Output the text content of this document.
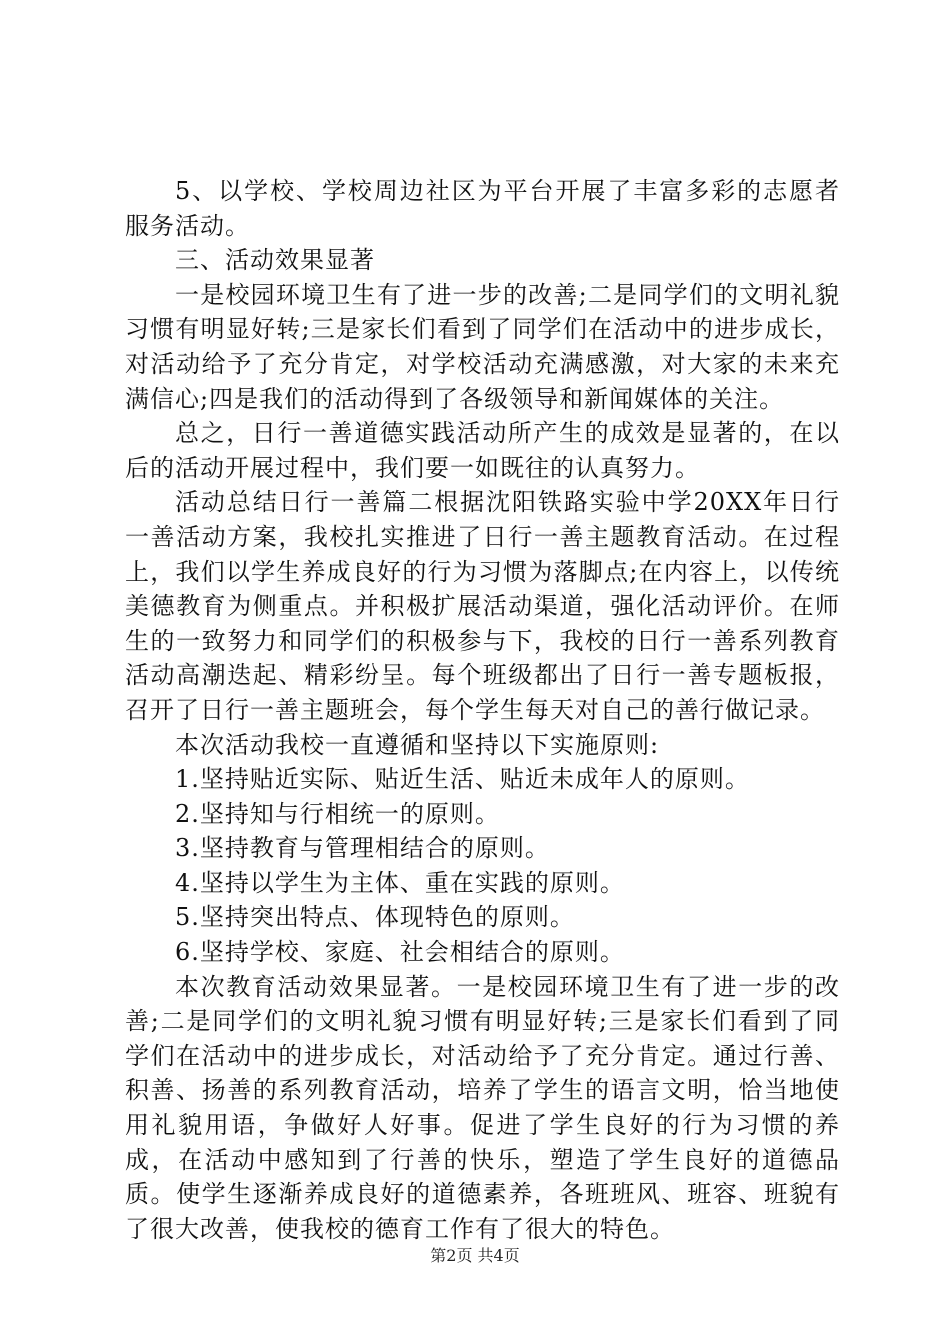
5、以学校、学校周边社区为平台开展了丰富多彩的志愿者服务活动。

三、活动效果显著

一是校园环境卫生有了进一步的改善;二是同学们的文明礼貌习惯有明显好转;三是家长们看到了同学们在活动中的进步成长，对活动给予了充分肯定，对学校活动充满感激，对大家的未来充满信心;四是我们的活动得到了各级领导和新闻媒体的关注。

总之，日行一善道德实践活动所产生的成效是显著的，在以后的活动开展过程中，我们要一如既往的认真努力。

活动总结日行一善篇二根据沈阳铁路实验中学20XX年日行一善活动方案，我校扎实推进了日行一善主题教育活动。在过程上，我们以学生养成良好的行为习惯为落脚点;在内容上，以传统美德教育为侧重点。并积极扩展活动渠道，强化活动评价。在师生的一致努力和同学们的积极参与下，我校的日行一善系列教育活动高潮迭起、精彩纷呈。每个班级都出了日行一善专题板报，召开了日行一善主题班会，每个学生每天对自己的善行做记录。

本次活动我校一直遵循和坚持以下实施原则:

1.坚持贴近实际、贴近生活、贴近未成年人的原则。

2.坚持知与行相统一的原则。

3.坚持教育与管理相结合的原则。

4.坚持以学生为主体、重在实践的原则。

5.坚持突出特点、体现特色的原则。

6.坚持学校、家庭、社会相结合的原则。

本次教育活动效果显著。一是校园环境卫生有了进一步的改善;二是同学们的文明礼貌习惯有明显好转;三是家长们看到了同学们在活动中的进步成长，对活动给予了充分肯定。通过行善、积善、扬善的系列教育活动，培养了学生的语言文明，恰当地使用礼貌用语，争做好人好事。促进了学生良好的行为习惯的养成，在活动中感知到了行善的快乐，塑造了学生良好的道德品质。使学生逐渐养成良好的道德素养，各班班风、班容、班貌有了很大改善，使我校的德育工作有了很大的特色。

第2页 共4页
